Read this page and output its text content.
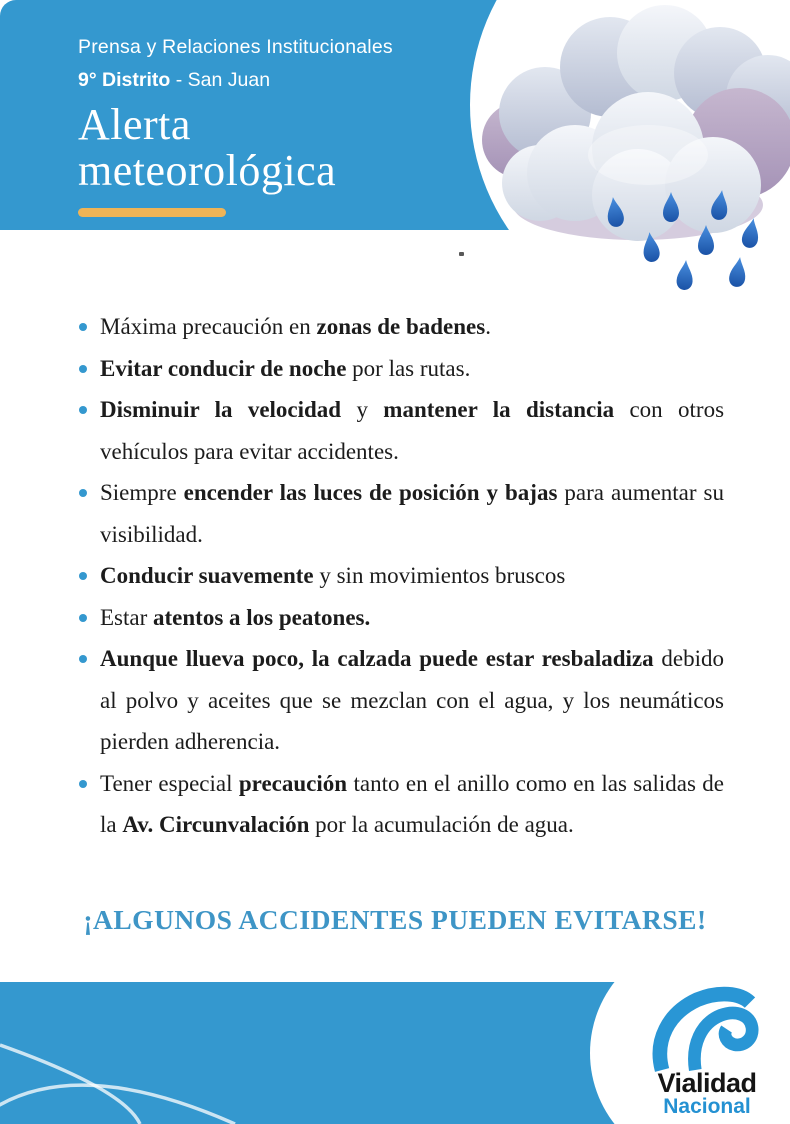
Prensa y Relaciones Institucionales
9° Distrito - San Juan
Alerta
meteorológica
Máxima precaución en zonas de badenes.
Evitar conducir de noche por las rutas.
Disminuir la velocidad y mantener la distancia con otros vehículos para evitar accidentes.
Siempre encender las luces de posición y bajas para aumentar su visibilidad.
Conducir suavemente y sin movimientos bruscos
Estar atentos a los peatones.
Aunque llueva poco, la calzada puede estar resbaladiza debido al polvo y aceites que se mezclan con el agua, y los neumáticos pierden adherencia.
Tener especial precaución tanto en el anillo como en las salidas de la Av. Circunvalación por la acumulación de agua.
¡ALGUNOS ACCIDENTES PUEDEN EVITARSE!
Vialidad
Nacional
